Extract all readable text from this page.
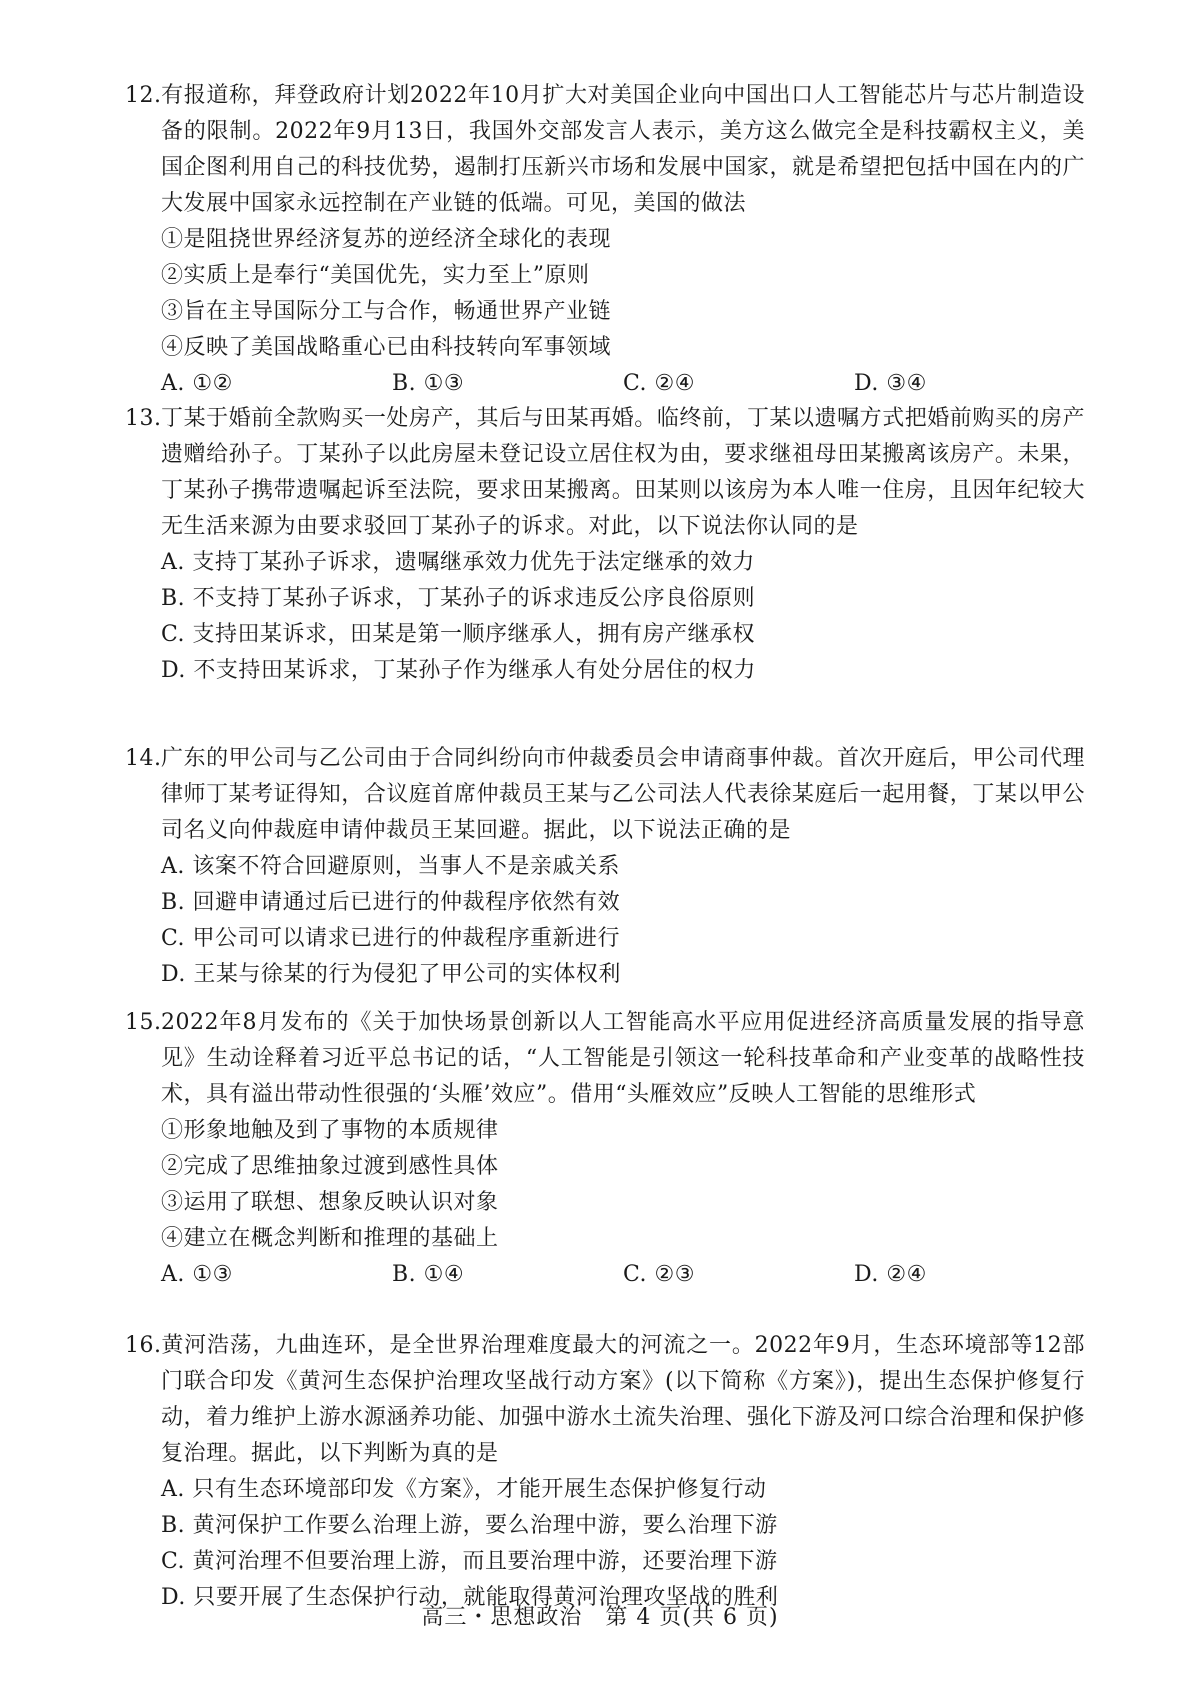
12.有报道称，拜登政府计划2022年10月扩大对美国企业向中国出口人工智能芯片与芯片制造设备的限制。2022年9月13日，我国外交部发言人表示，美方这么做完全是科技霸权主义，美国企图利用自己的科技优势，遏制打压新兴市场和发展中国家，就是希望把包括中国在内的广大发展中国家永远控制在产业链的低端。可见，美国的做法
①是阻挠世界经济复苏的逆经济全球化的表现
②实质上是奉行“美国优先，实力至上”原则
③旨在主导国际分工与合作，畅通世界产业链
④反映了美国战略重心已由科技转向军事领域
A. ①②	B. ①③	C. ②④	D. ③④
13.丁某于婚前全款购买一处房产，其后与田某再婚。临终前，丁某以遗嘱方式把婚前购买的房产遗赠给孙子。丁某孙子以此房屋未登记设立居住权为由，要求继祖母田某搬离该房产。未果，丁某孙子携带遗嘱起诉至法院，要求田某搬离。田某则以该房为本人唯一住房，且因年纪较大无生活来源为由要求驳回丁某孙子的诉求。对此，以下说法你认同的是
A. 支持丁某孙子诉求，遗嘱继承效力优先于法定继承的效力
B. 不支持丁某孙子诉求，丁某孙子的诉求违反公序良俗原则
C. 支持田某诉求，田某是第一顺序继承人，拥有房产继承权
D. 不支持田某诉求，丁某孙子作为继承人有处分居住的权力
14.广东的甲公司与乙公司由于合同纠纷向市仲裁委员会申请商事仲裁。首次开庭后，甲公司代理律师丁某考证得知，合议庭首席仲裁员王某与乙公司法人代表徐某庭后一起用餐，丁某以甲公司名义向仲裁庭申请仲裁员王某回避。据此，以下说法正确的是
A. 该案不符合回避原则，当事人不是亲戚关系
B. 回避申请通过后已进行的仲裁程序依然有效
C. 甲公司可以请求已进行的仲裁程序重新进行
D. 王某与徐某的行为侵犯了甲公司的实体权利
15.2022年8月发布的《关于加快场景创新以人工智能高水平应用促进经济高质量发展的指导意见》生动诠释着习近平总书记的话，“人工智能是引领这一轮科技革命和产业变革的战略性技术，具有溢出带动性很强的‘头雁’效应”。借用“头雁效应”反映人工智能的思维形式
①形象地触及到了事物的本质规律
②完成了思维抽象过渡到感性具体
③运用了联想、想象反映认识对象
④建立在概念判断和推理的基础上
A. ①③	B. ①④	C. ②③	D. ②④
16.黄河浩荡，九曲连环，是全世界治理难度最大的河流之一。2022年9月，生态环境部等12部门联合印发《黄河生态保护治理攻坚战行动方案》(以下简称《方案》)，提出生态保护修复行动，着力维护上游水源涵养功能、加强中游水土流失治理、强化下游及河口综合治理和保护修复治理。据此，以下判断为真的是
A. 只有生态环境部印发《方案》，才能开展生态保护修复行动
B. 黄河保护工作要么治理上游，要么治理中游，要么治理下游
C. 黄河治理不但要治理上游，而且要治理中游，还要治理下游
D. 只要开展了生态保护行动，就能取得黄河治理攻坚战的胜利
高三・思想政治　第 4 页(共 6 页)
